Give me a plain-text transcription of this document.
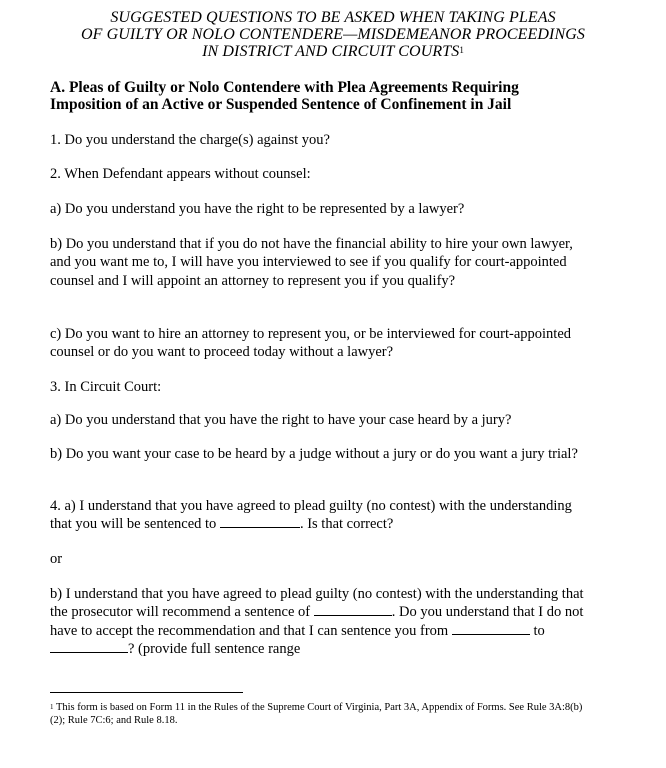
SUGGESTED QUESTIONS TO BE ASKED WHEN TAKING PLEAS
OF GUILTY OR NOLO CONTENDERE—MISDEMEANOR PROCEEDINGS
IN DISTRICT AND CIRCUIT COURTS$^1$
A. Pleas of Guilty or Nolo Contendere with Plea Agreements Requiring
Imposition of an Active or Suspended Sentence of Confinement in Jail
1. Do you understand the charge(s) against you?
2. When Defendant appears without counsel:
a) Do you understand you have the right to be represented by a lawyer?
b) Do you understand that if you do not have the financial ability to hire your own lawyer, and you want me to, I will have you interviewed to see if you qualify for court-appointed counsel and I will appoint an attorney to represent you if you qualify?
c) Do you want to hire an attorney to represent you, or be interviewed for court-appointed counsel or do you want to proceed today without a lawyer?
3. In Circuit Court:
a) Do you understand that you have the right to have your case heard by a jury?
b) Do you want your case to be heard by a judge without a jury or do you want a jury trial?
4. a) I understand that you have agreed to plead guilty (no contest) with the understanding that you will be sentenced to	. Is that correct?
or
b) I understand that you have agreed to plead guilty (no contest) with the understanding that the prosecutor will recommend a sentence of	. Do you understand that I do not have to accept the recommendation and that I can sentence you from	to ? (provide full sentence range
$^1$ This form is based on Form 11 in the Rules of the Supreme Court of Virginia, Part 3A, Appendix of Forms. See Rule 3A:8(b)(2); Rule 7C:6; and Rule 8.18.
